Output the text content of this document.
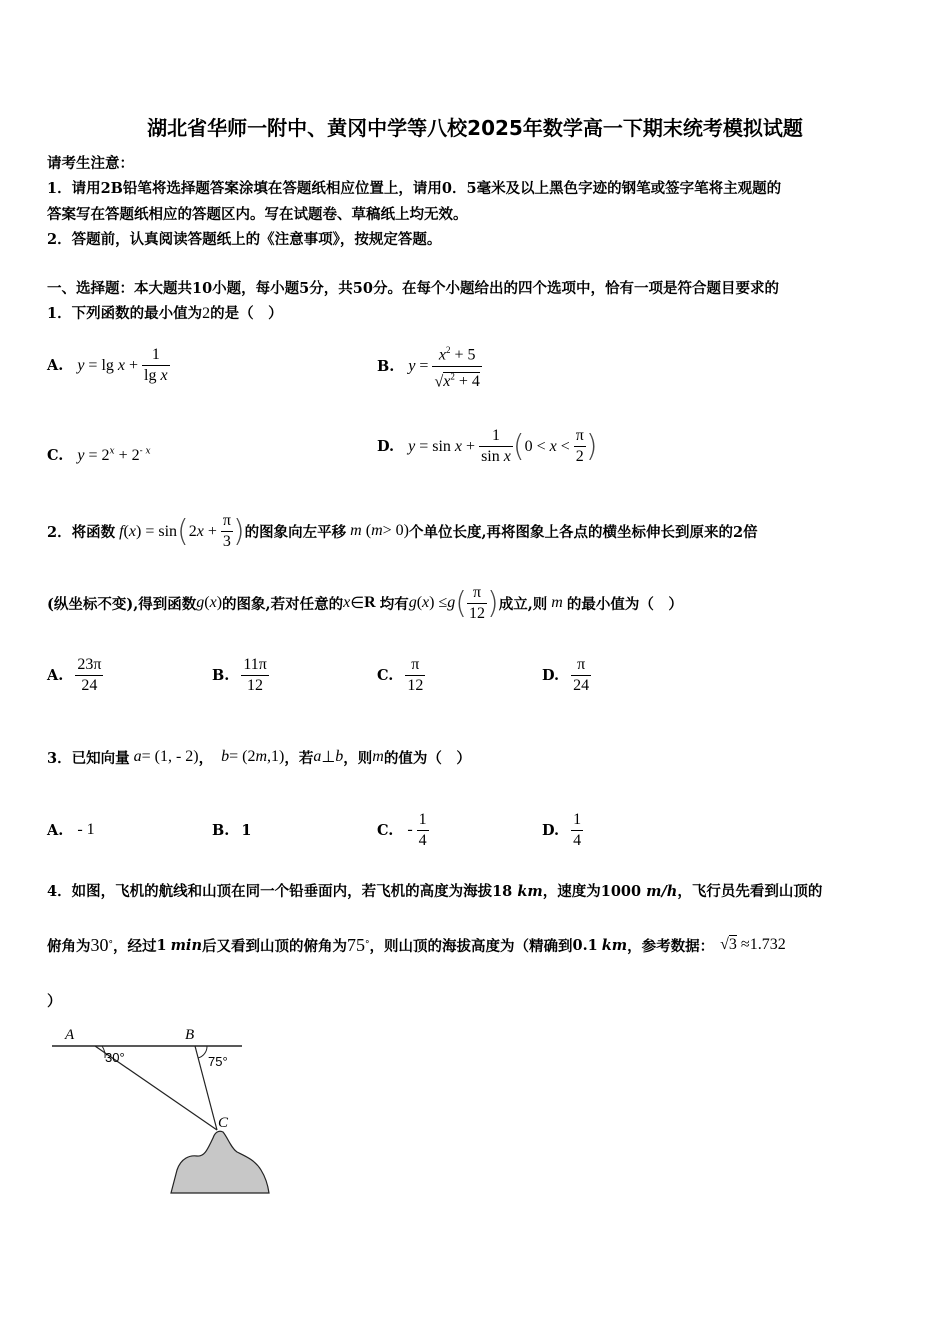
湖北省华师一附中、黄冈中学等八校2025年数学高一下期末统考模拟试题
请考生注意：
1．请用2B铅笔将选择题答案涂填在答题纸相应位置上，请用0．5毫米及以上黑色字迹的钢笔或签字笔将主观题的
答案写在答题纸相应的答题区内。写在试题卷、草稿纸上均无效。
2．答题前，认真阅读答题纸上的《注意事项》，按规定答题。
一、选择题：本大题共10小题，每小题5分，共50分。在每个小题给出的四个选项中，恰有一项是符合题目要求的
1．下列函数的最小值为2的是（　）
A. $y = \lg x + \frac{1}{\text{lg x}}$	B. $y = \frac{x^2 + 5}{√x^2 + 4}$
C. $y = 2^x + 2^{- x}$	D. $y = \sin x + \frac{1}{\text{sin x}} (0 < x < \frac{\pi}{2}$ )
2．将函数 $f(x) = \sin(2x + \frac{\pi}{3}$ ) 的图象向左平移 m ( m > 0) 个单位长度,再将图象上各点的横坐标伸长到原来的2倍
(纵坐标不变),得到函数 g ( x ) 的图象,若对任意的 x ∈ R 均有 g ( x ) ≤ g ( $\frac{\pi}{12}$ ) 成立,则 m 的最小值为（　）
A. $\frac{23\pi}{24}$	B. $\frac{11\pi}{12}$	C. $\frac{\pi}{12}$	D. $\frac{\pi}{24}$
3．已知向量 a = (1, - 2) ， b = (2 m ,1) ，若 a ⊥ b ，则 m 的值为（　）
A. - 1	B. 1	C. - $\frac{1}{4}$	D. $\frac{1}{4}$
4．如图，飞机的航线和山顶在同一个铅垂面内，若飞机的高度为海拔18 km，速度为1000 m/h，飞行员先看到山顶的
俯角为 30 ° ，经过 1 min 后又看到山顶的俯角为 75 ° ，则山顶的海拔高度为（精确到 0.1 km ，参考数据： √3 ≈1.732
）
A	B
C
30°	75°
